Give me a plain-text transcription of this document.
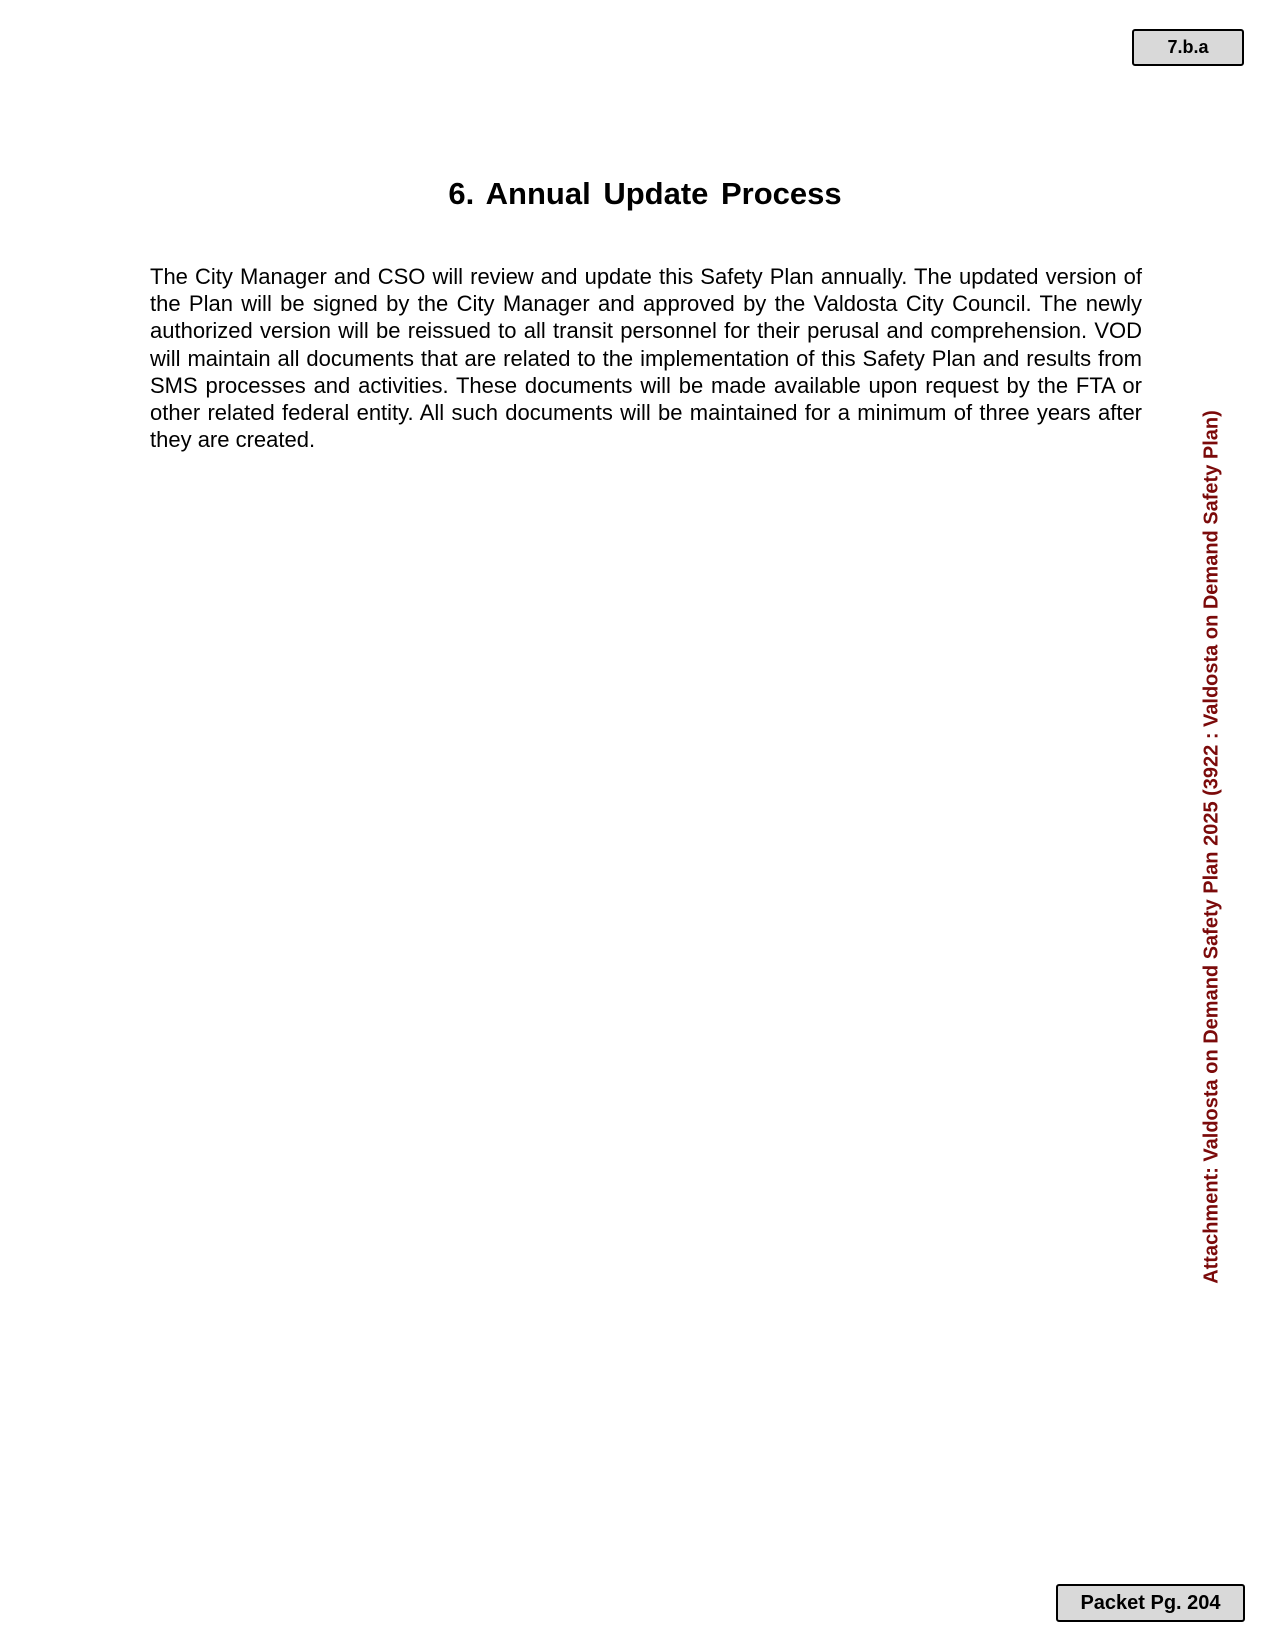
7.b.a
6. Annual Update Process

The City Manager and CSO will review and update this Safety Plan annually. The updated version of the Plan will be signed by the City Manager and approved by the Valdosta City Council. The newly authorized version will be reissued to all transit personnel for their perusal and comprehension. VOD will maintain all documents that are related to the implementation of this Safety Plan and results from SMS processes and activities. These documents will be made available upon request by the FTA or other related federal entity. All such documents will be maintained for a minimum of three years after they are created.	Attachment: Valdosta on Demand Safety Plan 2025 (3922 : Valdosta on Demand Safety Plan)
Packet Pg. 204
